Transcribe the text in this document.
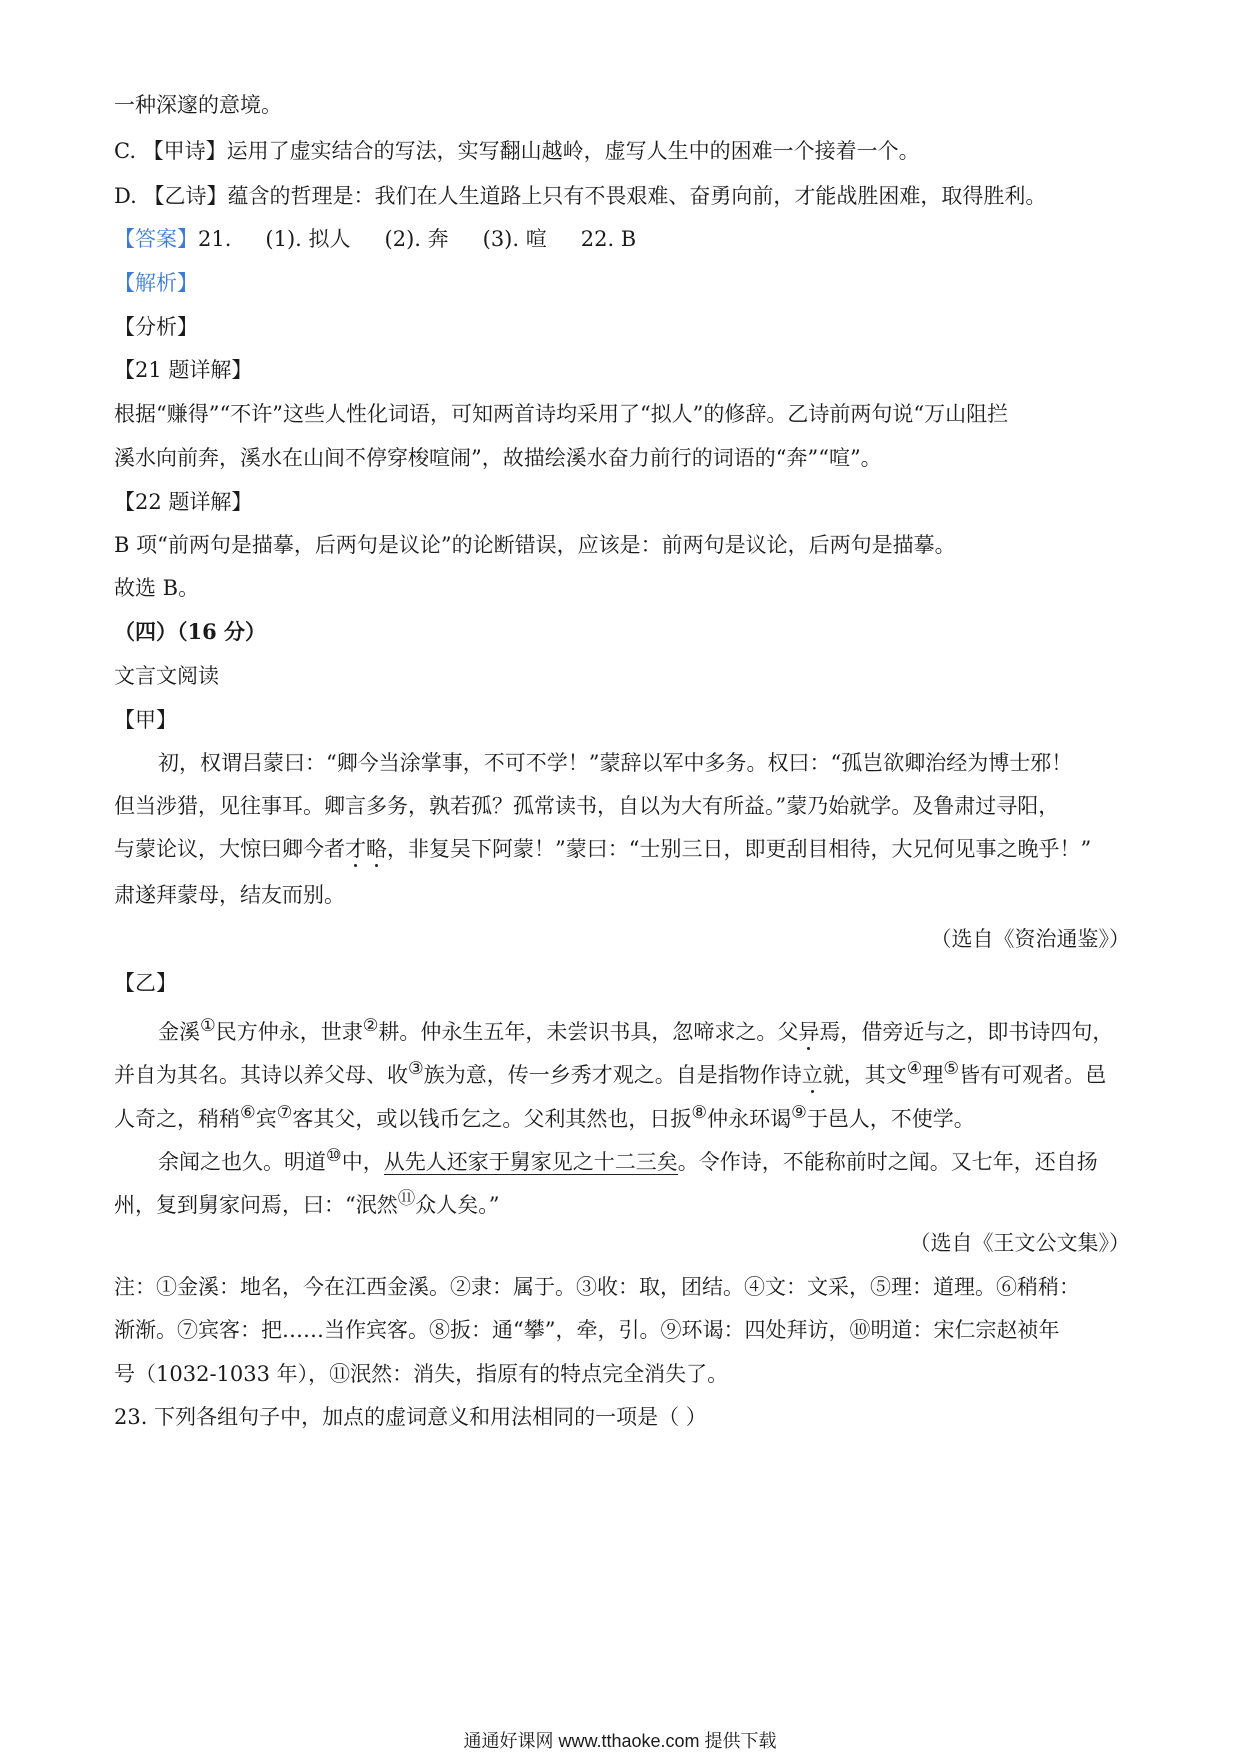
一种深邃的意境。
C. 【甲诗】运用了虚实结合的写法，实写翻山越岭，虚写人生中的困难一个接着一个。
D. 【乙诗】蕴含的哲理是：我们在人生道路上只有不畏艰难、奋勇向前，才能战胜困难，取得胜利。
【答案】21. (1). 拟人 (2). 奔 (3). 喧 22. B
【解析】
【分析】
【21 题详解】
根据“赚得”“不许”这些人性化词语，可知两首诗均采用了“拟人”的修辞。乙诗前两句说“万山阻拦
溪水向前奔，溪水在山间不停穿梭喧闹”，故描绘溪水奋力前行的词语的“奔”“喧”。
【22 题详解】
B 项“前两句是描摹，后两句是议论”的论断错误，应该是：前两句是议论，后两句是描摹。
故选 B。
（四）（16 分）
文言文阅读
【甲】
初，权谓吕蒙曰：“卿今当涂掌事，不可不学！”蒙辞以军中多务。权曰：“孤岂欲卿治经为博士邪！
但当涉猎，见往事耳。卿言多务，孰若孤？孤常读书，自以为大有所益。”蒙乃始就学。及鲁肃过寻阳，
与蒙论议，大惊曰卿今者才略，非复吴下阿蒙！”蒙曰：“士别三日，即更刮目相待，大兄何见事之晚乎！”
肃遂拜蒙母，结友而别。
（选自《资治通鉴》）
【乙】
金溪①民方仲永，世隶②耕。仲永生五年，未尝识书具，忽啼求之。父异焉，借旁近与之，即书诗四句，
并自为其名。其诗以养父母、收③族为意，传一乡秀才观之。自是指物作诗立就，其文④理⑤皆有可观者。邑
人奇之，稍稍⑥宾⑦客其父，或以钱币乞之。父利其然也，日扳⑧仲永环谒⑨于邑人，不使学。
余闻之也久。明道⑩中，从先人还家于舅家见之十二三矣。令作诗，不能称前时之闻。又七年，还自扬
州，复到舅家问焉，曰：“泯然⑪众人矣。”
（选自《王文公文集》）
注：①金溪：地名，今在江西金溪。②隶：属于。③收：取，团结。④文：文采，⑤理：道理。⑥稍稍：
渐渐。⑦宾客：把……当作宾客。⑧扳：通“攀”，牵，引。⑨环谒：四处拜访，⑩明道：宋仁宗赵祯年
号（1032-1033 年），⑪泯然：消失，指原有的特点完全消失了。
23. 下列各组句子中，加点的虚词意义和用法相同的一项是（ ）
通通好课网 www.tthaoke.com 提供下载
